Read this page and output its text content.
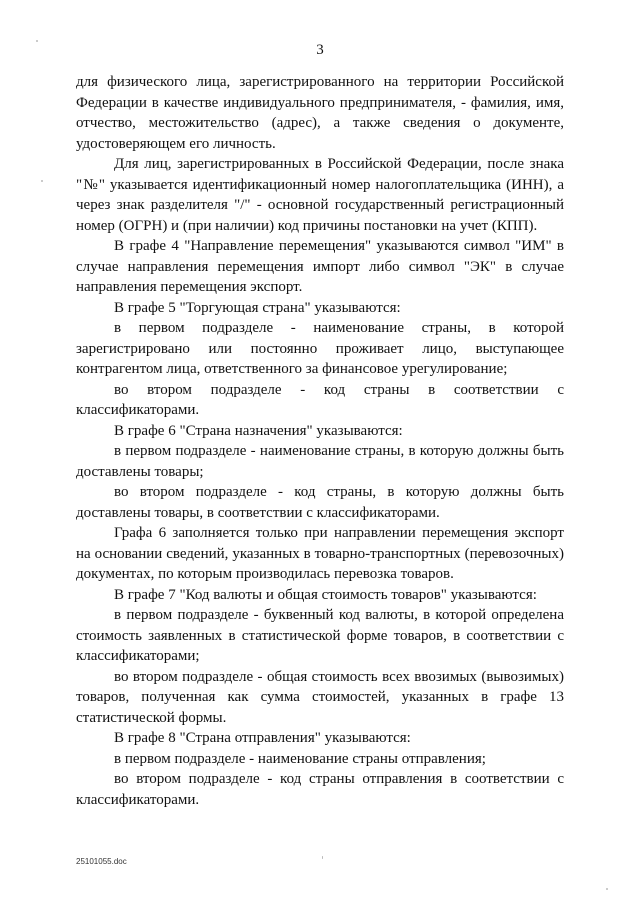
3

для физического лица, зарегистрированного на территории Российской Федерации в качестве индивидуального предпринимателя, - фамилия, имя, отчество, местожительство (адрес), а также сведения о документе, удостоверяющем его личность.

Для лиц, зарегистрированных в Российской Федерации, после знака "№" указывается идентификационный номер налогоплательщика (ИНН), а через знак разделителя "/" - основной государственный регистрационный номер (ОГРН) и (при наличии) код причины постановки на учет (КПП).

В графе 4 "Направление перемещения" указываются символ "ИМ" в случае направления перемещения импорт либо символ "ЭК" в случае направления перемещения экспорт.

В графе 5 "Торгующая страна" указываются:

в первом подразделе - наименование страны, в которой зарегистрировано или постоянно проживает лицо, выступающее контрагентом лица, ответственного за финансовое урегулирование;

во втором подразделе - код страны в соответствии с классификаторами.

В графе 6 "Страна назначения" указываются:

в первом подразделе - наименование страны, в которую должны быть доставлены товары;

во втором подразделе - код страны, в которую должны быть доставлены товары, в соответствии с классификаторами.

Графа 6 заполняется только при направлении перемещения экспорт на основании сведений, указанных в товарно-транспортных (перевозочных) документах, по которым производилась перевозка товаров.

В графе 7 "Код валюты и общая стоимость товаров" указываются:

в первом подразделе - буквенный код валюты, в которой определена стоимость заявленных в статистической форме товаров, в соответствии с классификаторами;

во втором подразделе - общая стоимость всех ввозимых (вывозимых) товаров, полученная как сумма стоимостей, указанных в графе 13 статистической формы.

В графе 8 "Страна отправления" указываются:

в первом подразделе - наименование страны отправления;

во втором подразделе - код страны отправления в соответствии с классификаторами.

25101055.doc
